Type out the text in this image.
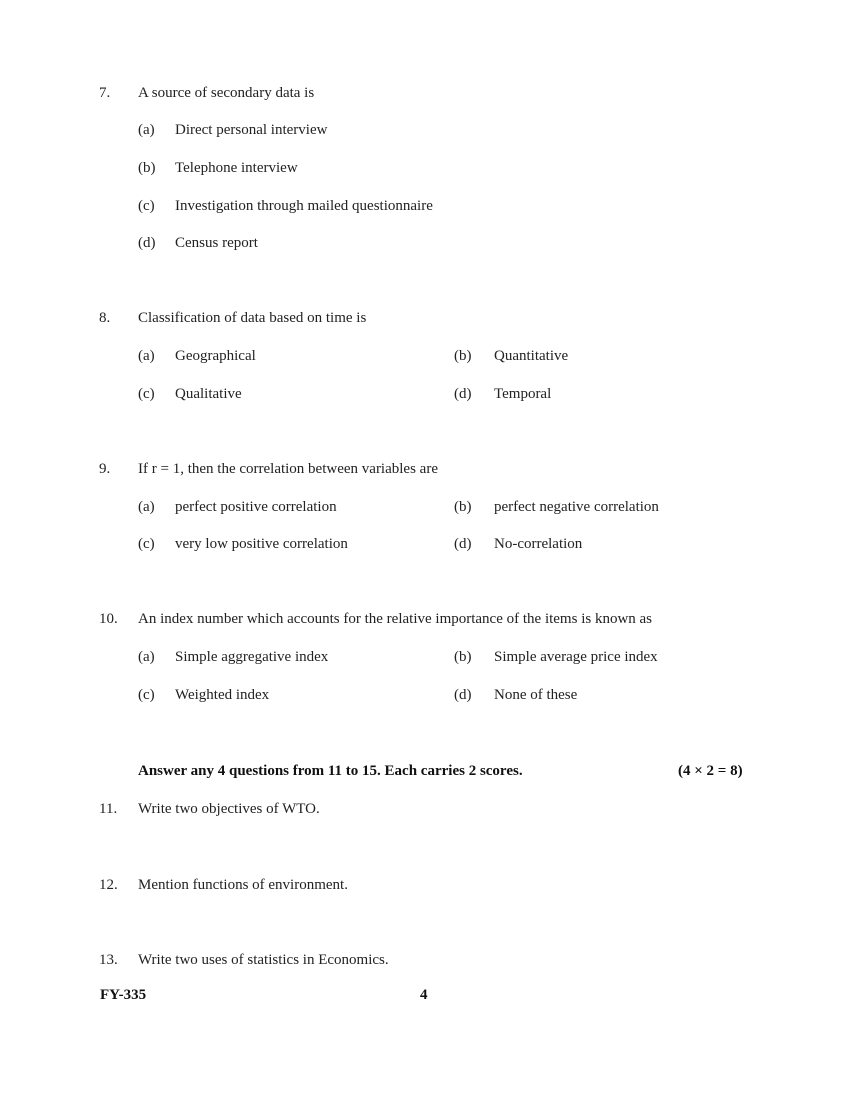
7. A source of secondary data is
(a) Direct personal interview
(b) Telephone interview
(c) Investigation through mailed questionnaire
(d) Census report
8. Classification of data based on time is
(a) Geographical	(b) Quantitative
(c) Qualitative	(d) Temporal
9. If r = 1, then the correlation between variables are
(a) perfect positive correlation	(b) perfect negative correlation
(c) very low positive correlation	(d) No-correlation
10. An index number which accounts for the relative importance of the items is known as
(a) Simple aggregative index	(b) Simple average price index
(c) Weighted index	(d) None of these
Answer any 4 questions from 11 to 15. Each carries 2 scores.	(4 × 2 = 8)
11. Write two objectives of WTO.
12. Mention functions of environment.
13. Write two uses of statistics in Economics.
FY-335	4
